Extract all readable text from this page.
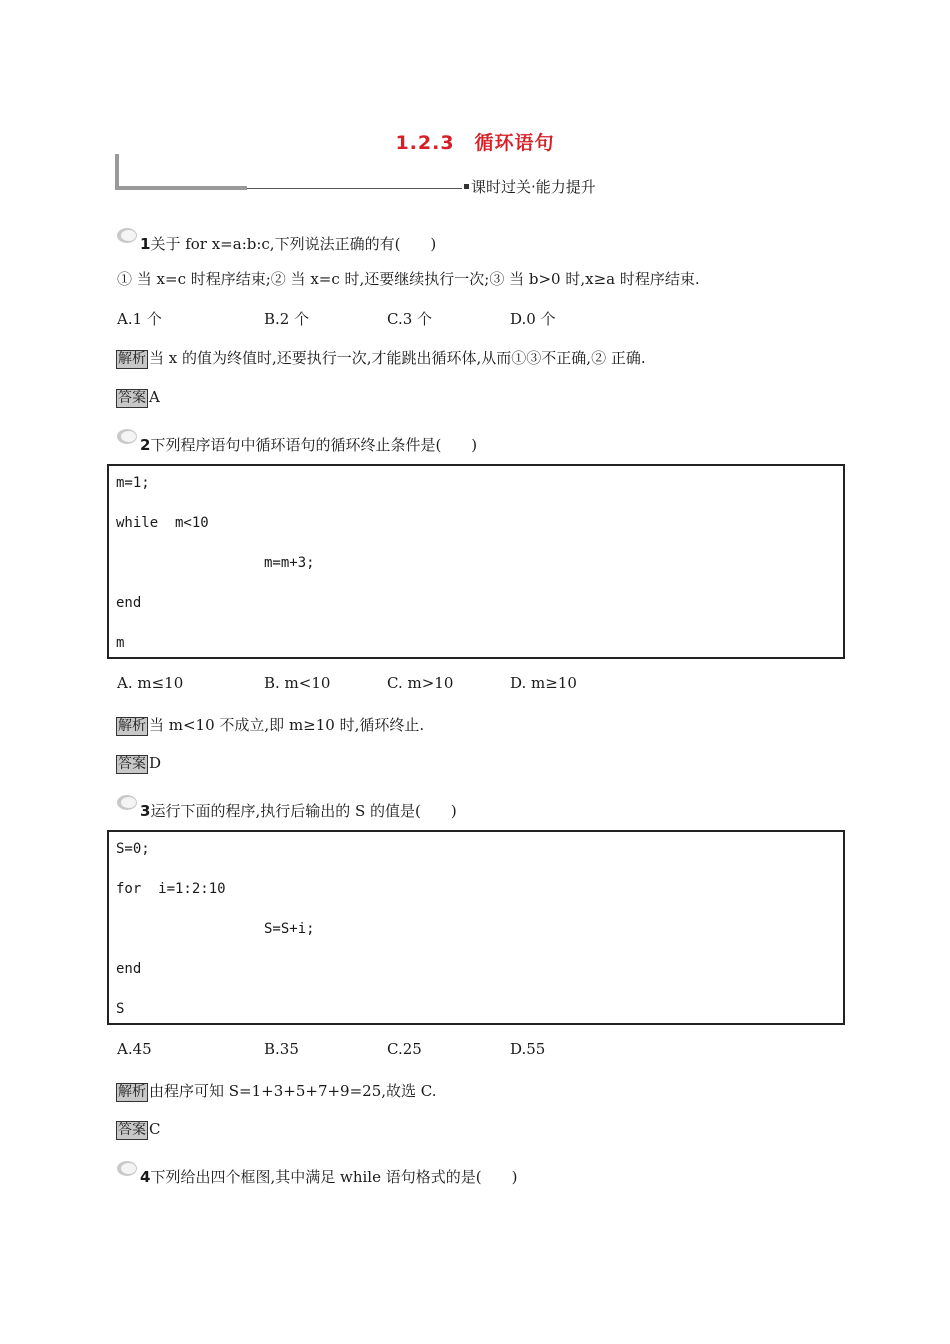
1.2.3　循环语句
课时过关·能力提升
1关于 for x=a:b:c,下列说法正确的有(　　)
① 当 x=c 时程序结束;② 当 x=c 时,还要继续执行一次;③ 当 b>0 时,x≥a 时程序结束.
A.1 个	B.2 个	C.3 个	D.0 个
解析 当 x 的值为终值时,还要执行一次,才能跳出循环体,从而①③不正确,② 正确.
答案 A
2下列程序语句中循环语句的循环终止条件是(　　)
m=1;
while  m<10
m=m+3;
end
m
A. m≤10	B. m<10	C. m>10	D. m≥10
解析 当 m<10 不成立,即 m≥10 时,循环终止.
答案 D
3运行下面的程序,执行后输出的 S 的值是(　　)
S=0;
for  i=1:2:10
S=S+i;
end
S
A.45	B.35	C.25	D.55
解析 由程序可知 S=1+3+5+7+9=25,故选 C.
答案 C
4下列给出四个框图,其中满足 while 语句格式的是(　　)
